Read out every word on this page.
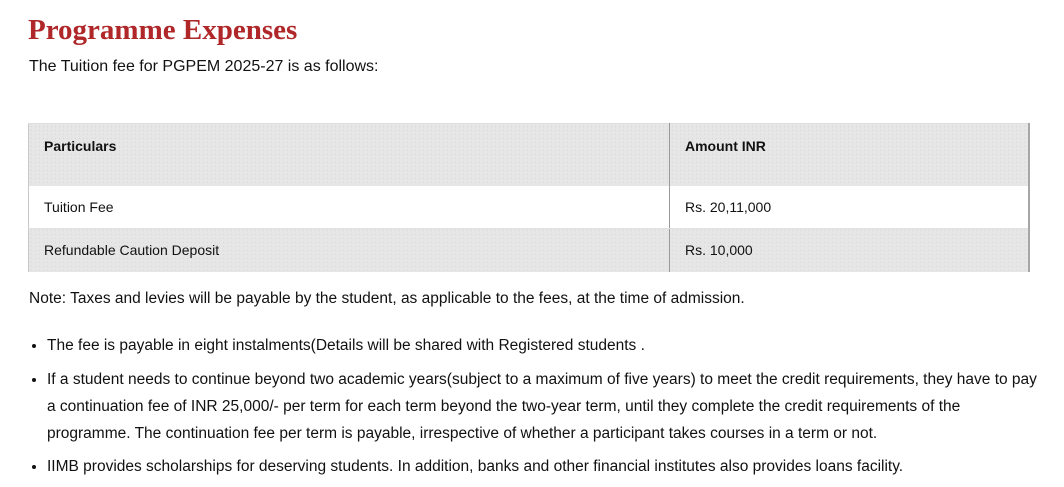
Programme Expenses

The Tuition fee for PGPEM 2025-27 is as follows:

Particulars	Amount INR
Tuition Fee	Rs. 20,11,000
Refundable Caution Deposit	Rs. 10,000

Note: Taxes and levies will be payable by the student, as applicable to the fees, at the time of admission.

• The fee is payable in eight instalments(Details will be shared with Registered students .
• If a student needs to continue beyond two academic years(subject to a maximum of five years) to meet the credit requirements, they have to pay a continuation fee of INR 25,000/- per term for each term beyond the two-year term, until they complete the credit requirements of the programme. The continuation fee per term is payable, irrespective of whether a participant takes courses in a term or not.
• IIMB provides scholarships for deserving students. In addition, banks and other financial institutes also provides loans facility.
